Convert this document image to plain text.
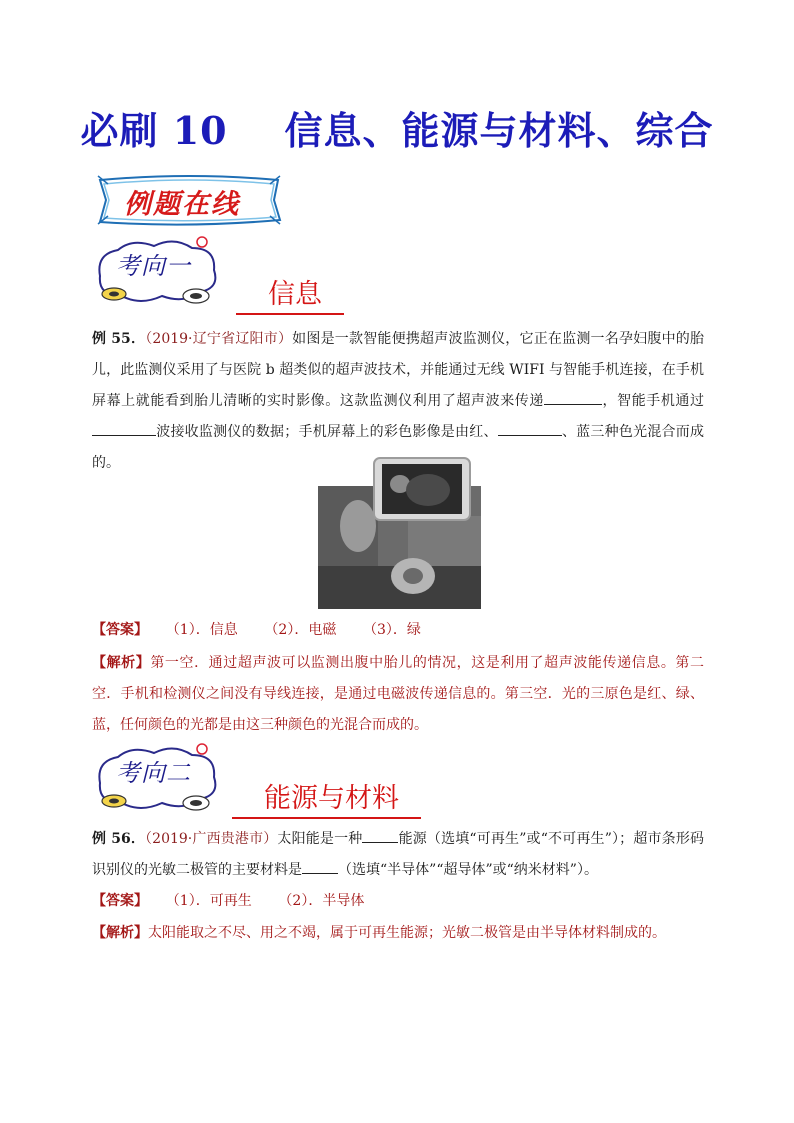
必刷 10    信息、能源与材料、综合
例题在线
考向一
信息
例 55．（2019·辽宁省辽阳市）如图是一款智能便携超声波监测仪，它正在监测一名孕妇腹中的胎儿，此监测仪采用了与医院 b 超类似的超声波技术，并能通过无线 WIFI 与智能手机连接，在手机屏幕上就能看到胎儿清晰的实时影像。这款监测仪利用了超声波来传递	，智能手机通过波接收监测仪的数据；手机屏幕上的彩色影像是由红、	、蓝三种色光混合而成的。
【答案】    （1）．信息      （2）．电磁      （3）．绿
【解析】第一空．通过超声波可以监测出腹中胎儿的情况，这是利用了超声波能传递信息。第二空．手机和检测仪之间没有导线连接，是通过电磁波传递信息的。第三空．光的三原色是红、绿、蓝，任何颜色的光都是由这三种颜色的光混合而成的。
考向二
能源与材料
例 56．（2019·广西贵港市）太阳能是一种	能源（选填“可再生”或“不可再生”）；超市条形码识别仪的光敏二极管的主要材料是	（选填“半导体”“超导体”或“纳米材料”）。
【答案】    （1）．可再生      （2）．半导体
【解析】太阳能取之不尽、用之不竭，属于可再生能源；光敏二极管是由半导体材料制成的。
